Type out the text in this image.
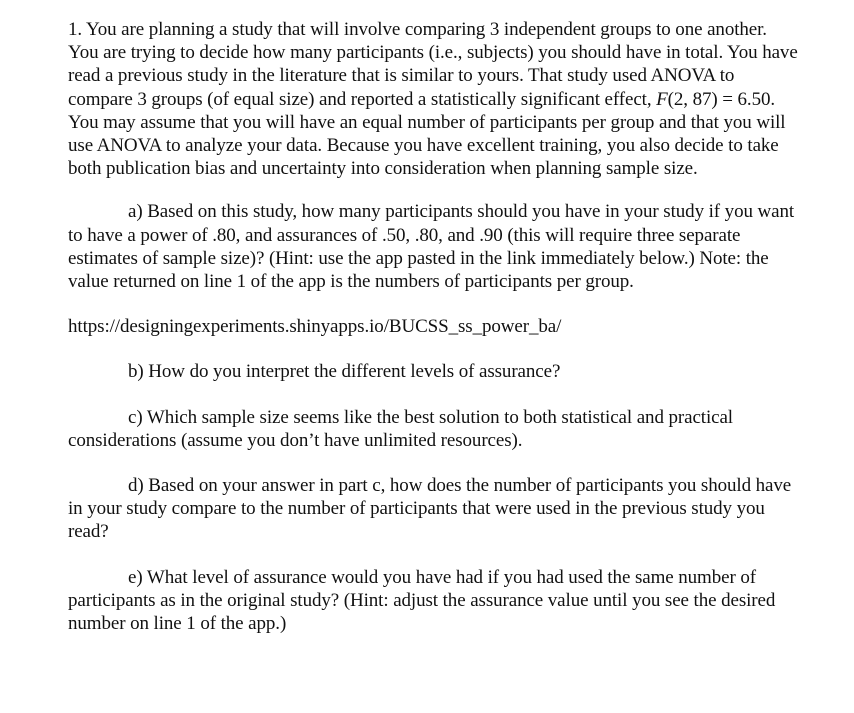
1. You are planning a study that will involve comparing 3 independent groups to one another. You are trying to decide how many participants (i.e., subjects) you should have in total. You have read a previous study in the literature that is similar to yours. That study used ANOVA to compare 3 groups (of equal size) and reported a statistically significant effect, F(2, 87) = 6.50. You may assume that you will have an equal number of participants per group and that you will use ANOVA to analyze your data. Because you have excellent training, you also decide to take both publication bias and uncertainty into consideration when planning sample size.

a) Based on this study, how many participants should you have in your study if you want to have a power of .80, and assurances of .50, .80, and .90 (this will require three separate estimates of sample size)? (Hint: use the app pasted in the link immediately below.) Note: the value returned on line 1 of the app is the numbers of participants per group.

https://designingexperiments.shinyapps.io/BUCSS_ss_power_ba/

b) How do you interpret the different levels of assurance?

c) Which sample size seems like the best solution to both statistical and practical considerations (assume you don’t have unlimited resources).

d) Based on your answer in part c, how does the number of participants you should have in your study compare to the number of participants that were used in the previous study you read?

e) What level of assurance would you have had if you had used the same number of participants as in the original study? (Hint: adjust the assurance value until you see the desired number on line 1 of the app.)
